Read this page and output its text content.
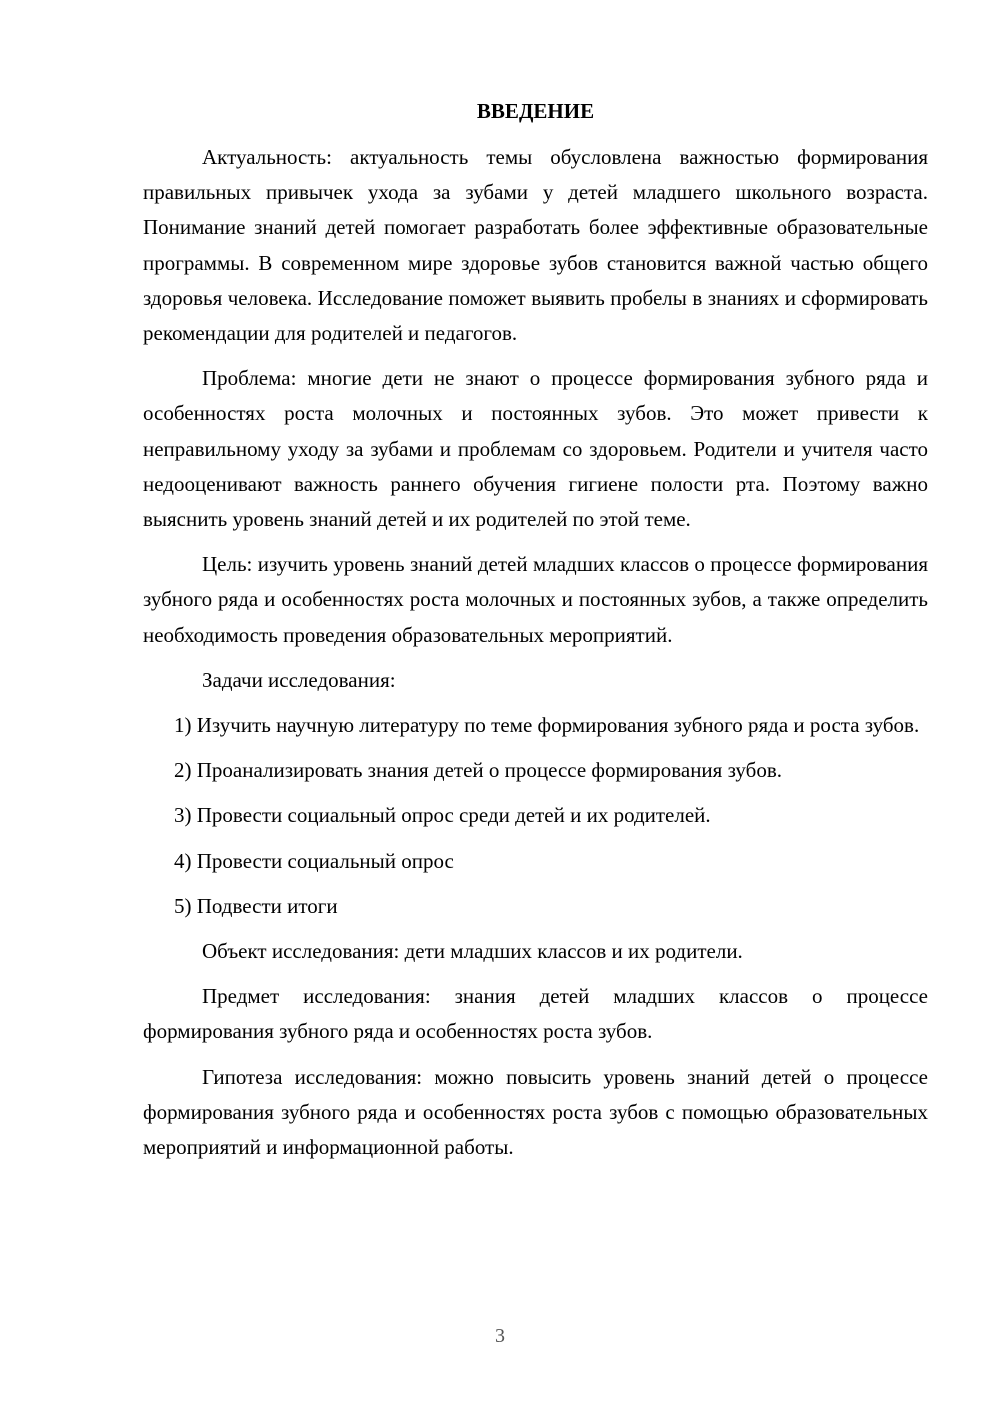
ВВЕДЕНИЕ

Актуальность: актуальность темы обусловлена важностью формирования правильных привычек ухода за зубами у детей младшего школьного возраста. Понимание знаний детей помогает разработать более эффективные образовательные программы. В современном мире здоровье зубов становится важной частью общего здоровья человека. Исследование поможет выявить пробелы в знаниях и сформировать рекомендации для родителей и педагогов.

Проблема: многие дети не знают о процессе формирования зубного ряда и особенностях роста молочных и постоянных зубов. Это может привести к неправильному уходу за зубами и проблемам со здоровьем. Родители и учителя часто недооценивают важность раннего обучения гигиене полости рта. Поэтому важно выяснить уровень знаний детей и их родителей по этой теме.

Цель: изучить уровень знаний детей младших классов о процессе формирования зубного ряда и особенностях роста молочных и постоянных зубов, а также определить необходимость проведения образовательных мероприятий.

Задачи исследования:

1) Изучить научную литературу по теме формирования зубного ряда и роста зубов.

2) Проанализировать знания детей о процессе формирования зубов.

3) Провести социальный опрос среди детей и их родителей.

4) Провести социальный опрос

5) Подвести итоги

Объект исследования: дети младших классов и их родители.

Предмет исследования: знания детей младших классов о процессе формирования зубного ряда и особенностях роста зубов.

Гипотеза исследования: можно повысить уровень знаний детей о процессе формирования зубного ряда и особенностях роста зубов с помощью образовательных мероприятий и информационной работы.

3
